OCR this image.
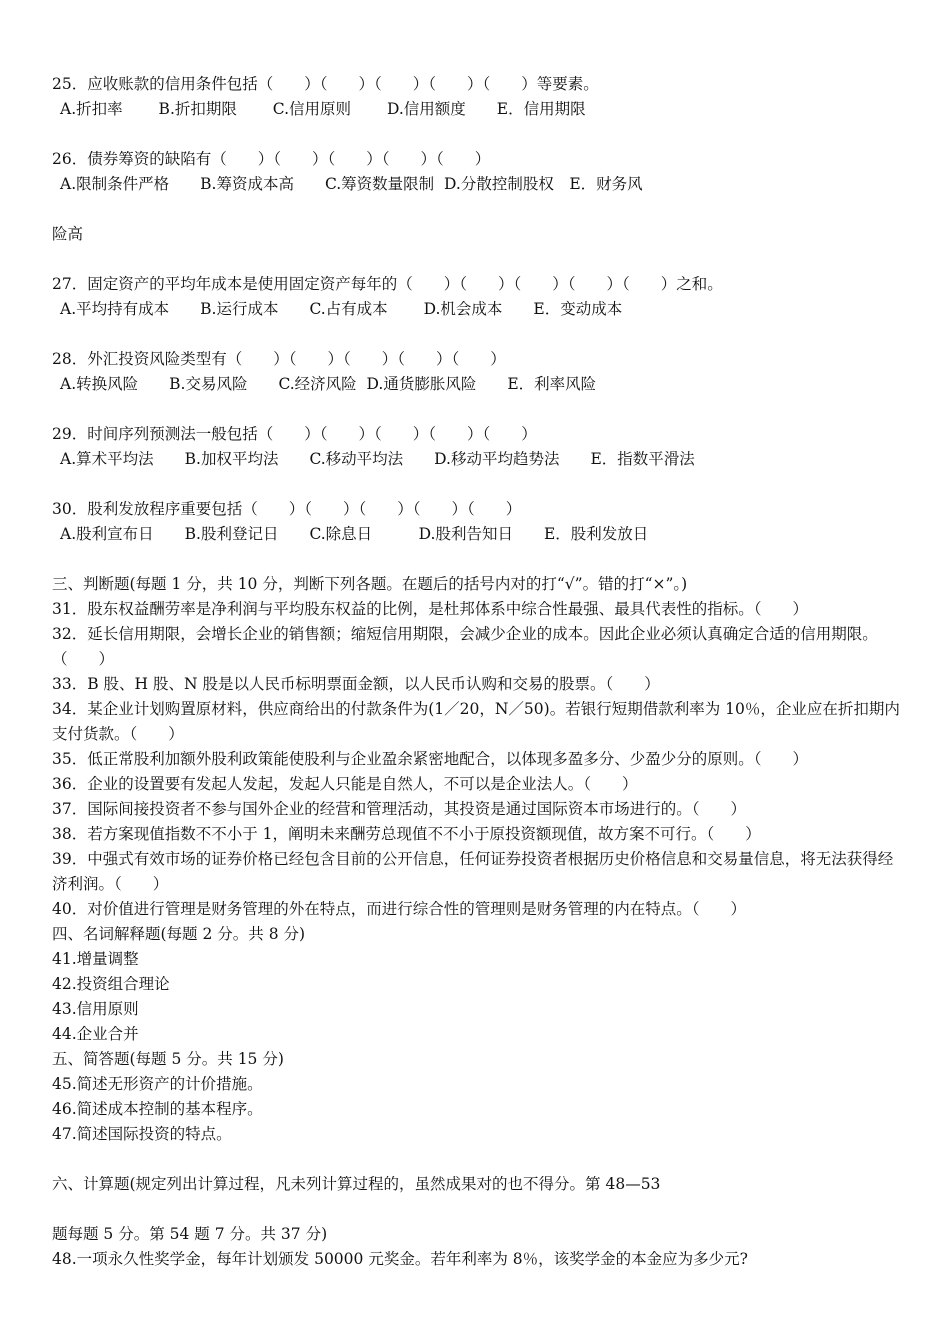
25．应收账款的信用条件包括（　　）（　　）（　　）（　　）（　　）等要素。
A.折扣率　　 B.折扣期限　　 C.信用原则　　 D.信用额度　　E．信用期限
26．债券筹资的缺陷有（　　）（　　）（　　）（　　）（　　）
A.限制条件严格　　B.筹资成本高　　C.筹资数量限制  D.分散控制股权　E．财务风
险高
27．固定资产的平均年成本是使用固定资产每年的（　　）（　　）（　　）（　　）（　　）之和。
A.平均持有成本　　B.运行成本　　C.占有成本　　 D.机会成本　　E．变动成本
28．外汇投资风险类型有（　　）（　　）（　　）（　　）（　　）
A.转换风险　　B.交易风险　　C.经济风险  D.通货膨胀风险　　E．利率风险
29．时间序列预测法一般包括（　　）（　　）（　　）（　　）（　　）
A.算术平均法　　B.加权平均法　　C.移动平均法　　D.移动平均趋势法　　E．指数平滑法
30．股利发放程序重要包括（　　）（　　）（　　）（　　）（　　）
A.股利宣布日　　B.股利登记日　　C.除息日　　　D.股利告知日　　E．股利发放日
三、判断题(每题 1 分，共 10 分，判断下列各题。在题后的括号内对的打“√”。错的打“×”。)
31．股东权益酬劳率是净利润与平均股东权益的比例，是杜邦体系中综合性最强、最具代表性的指标。（　　）
32．延长信用期限，会增长企业的销售额；缩短信用期限，会减少企业的成本。因此企业必须认真确定合适的信用期限。（　　）
33．B 股、H 股、N 股是以人民币标明票面金额，以人民币认购和交易的股票。（　　）
34．某企业计划购置原材料，供应商给出的付款条件为(1／20，N／50)。若银行短期借款利率为 10％，企业应在折扣期内支付货款。（　　）
35．低正常股利加额外股利政策能使股利与企业盈余紧密地配合，以体现多盈多分、少盈少分的原则。（　　）
36．企业的设置要有发起人发起，发起人只能是自然人，不可以是企业法人。（　　）
37．国际间接投资者不参与国外企业的经营和管理活动，其投资是通过国际资本市场进行的。（　　）
38．若方案现值指数不不小于 1，阐明未来酬劳总现值不不小于原投资额现值，故方案不可行。（　　）
39．中强式有效市场的证券价格已经包含目前的公开信息，任何证券投资者根据历史价格信息和交易量信息，将无法获得经济利润。（　　）
40．对价值进行管理是财务管理的外在特点，而进行综合性的管理则是财务管理的内在特点。（　　）
四、名词解释题(每题 2 分。共 8 分)
41.增量调整
42.投资组合理论
43.信用原则
44.企业合并
五、简答题(每题 5 分。共 15 分)
45.简述无形资产的计价措施。
46.简述成本控制的基本程序。
47.简述国际投资的特点。
六、计算题(规定列出计算过程，凡未列计算过程的，虽然成果对的也不得分。第 48—53
题每题 5 分。第 54 题 7 分。共 37 分)
48.一项永久性奖学金，每年计划颁发 50000 元奖金。若年利率为 8％，该奖学金的本金应为多少元?
